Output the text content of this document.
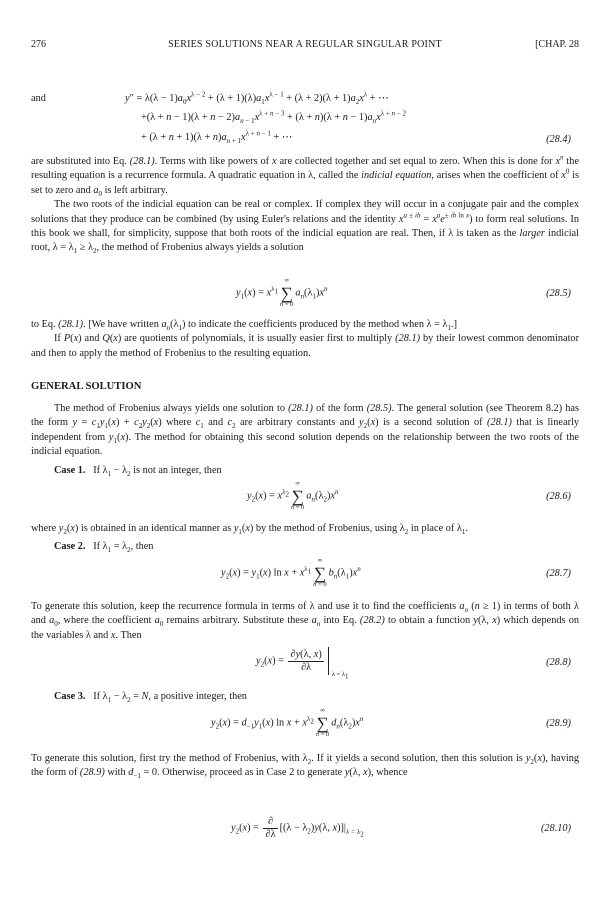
276	SERIES SOLUTIONS NEAR A REGULAR SINGULAR POINT	[CHAP. 28
and	$y'' = \lambda(\lambda - 1)a_0x^{\lambda - 2} + (\lambda + 1)(\lambda)a_1x^{\lambda - 1} + (\lambda + 2)(\lambda + 1)a_2x^\lambda$ + ⋯
$+(\lambda + n - 1)(\lambda + n - 2)a_{n - 1}x^{\lambda + n - 3} + (\lambda + n)(\lambda + n - 1)a_nx^{\lambda + n - 2}$
+ $(\lambda + n + 1)(\lambda + n)a_{n + 1}x^{\lambda + n - 1}$ + ⋯	(28.4)

are substituted into Eq. (28.1). Terms with like powers of x are collected together and set equal to zero. When this is done for $x^n$ the resulting equation is a recurrence formula. A quadratic equation in λ, called the indicial equation, arises when the coefficient of $x^0$ is set to zero and $a_0$ is left arbitrary.

The two roots of the indicial equation can be real or complex. If complex they will occur in a conjugate pair and the complex solutions that they produce can be combined (by using Euler's relations and the identity $x^{a \pm ib} = x^ae^{\pm ib ln x}$) to form real solutions. In this book we shall, for simplicity, suppose that both roots of the indicial equation are real. Then, if λ is taken as the larger indicial root, $\lambda = \lambda_1 \ge \lambda_2$, the method of Frobenius always yields a solution

$y_1(x) = x^{\lambda_1}$
∞
∑
n = 0
$a_n(\lambda_1)x^n$	(28.5)

to Eq. (28.1). [We have written $a_n(\lambda_1)$ to indicate the coefficients produced by the method when $\lambda = \lambda_1$.]

If P(x) and Q(x) are quotients of polynomials, it is usually easier first to multiply (28.1) by their lowest common denominator and then to apply the method of Frobenius to the resulting equation.

GENERAL SOLUTION

The method of Frobenius always yields one solution to (28.1) of the form (28.5). The general solution (see Theorem 8.2) has the form $y = c_1y_1(x) + c_2y_2(x)$ where $c_1$ and $c_2$ are arbitrary constants and $y_2(x)$ is a second solution of (28.1) that is linearly independent from $y_1(x)$. The method for obtaining this second solution depends on the relationship between the two roots of the indicial equation.

Case 1.   If $\lambda_1 - \lambda_2$ is not an integer, then

$y_2(x) = x^{\lambda_2}$
∞
∑
n = 0
$a_n(\lambda_2)x^n$	(28.6)

where $y_2(x)$ is obtained in an identical manner as $y_1(x)$ by the method of Frobenius, using $\lambda_2$ in place of $\lambda_1$.

Case 2.   If $\lambda_1 = \lambda_2$, then

$y_2(x) = y_1(x)$ $\ln x + x^{\lambda_1}$
∞
∑
n = 0
$b_n(\lambda_1)x^n$	(28.7)

To generate this solution, keep the recurrence formula in terms of λ and use it to find the coefficients $a_n$ (n ≥ 1) in terms of both λ and $a_0$, where the coefficient $a_0$ remains arbitrary. Substitute these $a_n$ into Eq. (28.2) to obtain a function y(λ, x) which depends on the variables λ and x. Then

$y_2(x) = \frac{\partial y(\lambda, x)}{\partial\lambda}$
$\lambda = \lambda_1$
(28.8)

Case 3.   If $\lambda_1 - \lambda_2 = N$, a positive integer, then

$y_2(x) = d_{-1}y_1(x)$ $\ln x + x^{\lambda_2}$
∞
∑
n = 0
$d_n(\lambda_2)x^n$	(28.9)

To generate this solution, first try the method of Frobenius, with $\lambda_2$. If it yields a second solution, then this solution is $y_2(x)$, having the form of (28.9) with $d_{-1} = 0$. Otherwise, proceed as in Case 2 to generate y(λ, x), whence

$y_2(x) = \frac{\partial}{\partial\lambda} [(\lambda - \lambda_2)y(\lambda$, $x)]|_{\lambda = \lambda_2}$
(28.10)
